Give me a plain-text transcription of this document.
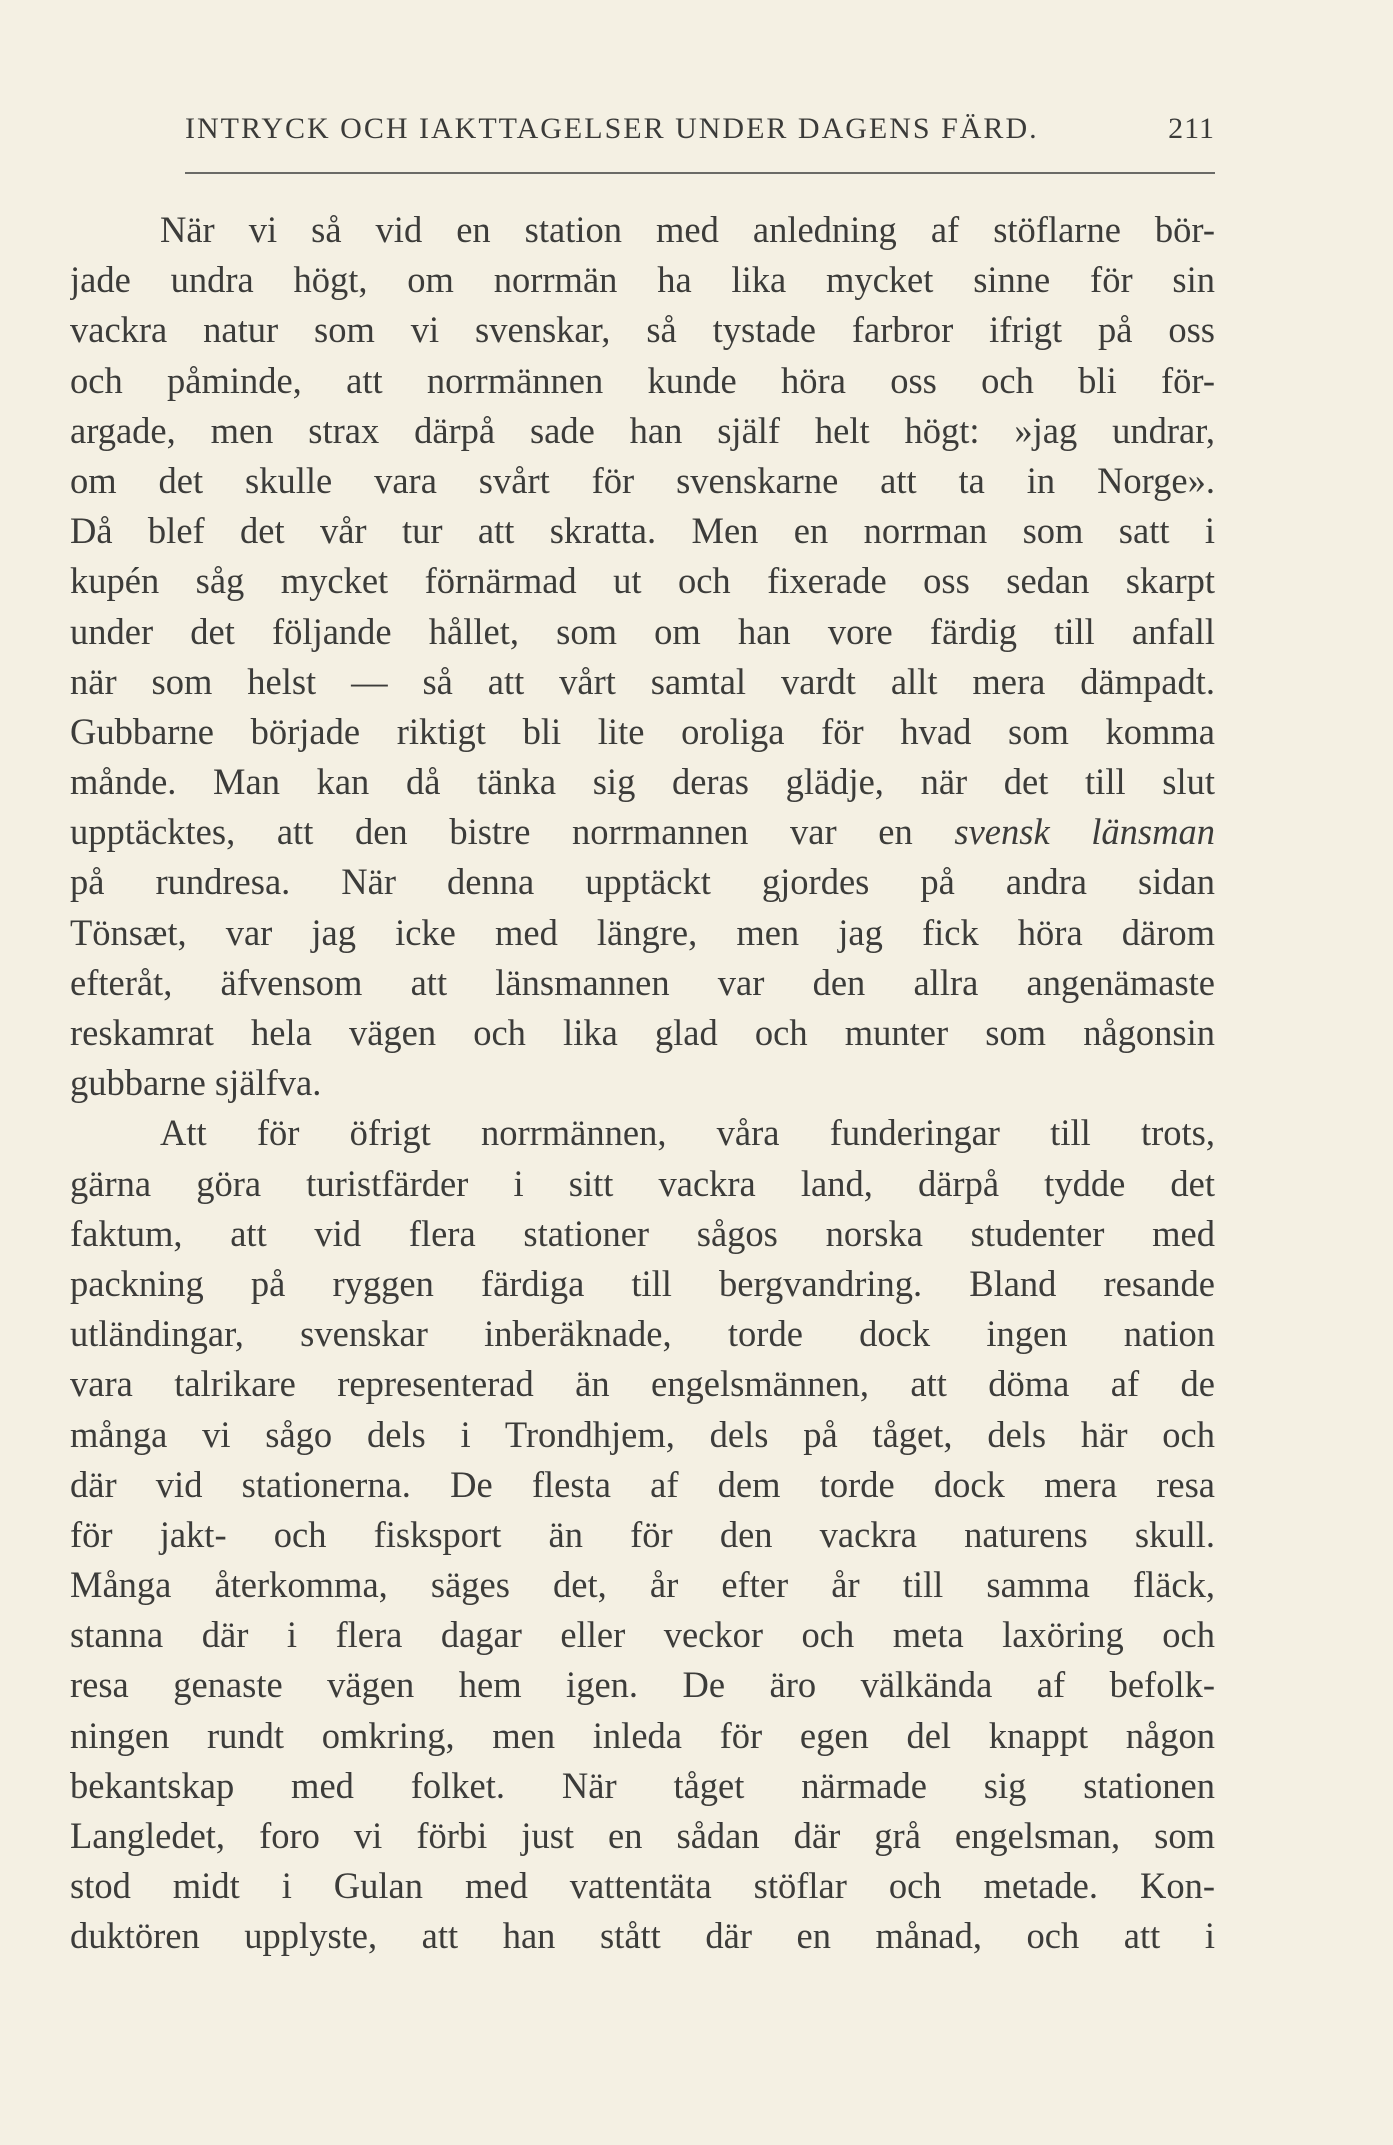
INTRYCK OCH IAKTTAGELSER UNDER DAGENS FÄRD.	211
När vi så vid en station med anledning af stöflarne bör-
jade undra högt, om norrmän ha lika mycket sinne för sin
vackra natur som vi svenskar, så tystade farbror ifrigt på oss
och påminde, att norrmännen kunde höra oss och bli för-
argade, men strax därpå sade han själf helt högt: »jag undrar,
om det skulle vara svårt för svenskarne att ta in Norge».
Då blef det vår tur att skratta. Men en norrman som satt i
kupén såg mycket förnärmad ut och fixerade oss sedan skarpt
under det följande hållet, som om han vore färdig till anfall
när som helst — så att vårt samtal vardt allt mera dämpadt.
Gubbarne började riktigt bli lite oroliga för hvad som komma
månde. Man kan då tänka sig deras glädje, när det till slut
upptäcktes, att den bistre norrmannen var en svensk länsman
på rundresa. När denna upptäckt gjordes på andra sidan
Tönsæt, var jag icke med längre, men jag fick höra därom
efteråt, äfvensom att länsmannen var den allra angenämaste
reskamrat hela vägen och lika glad och munter som någonsin
gubbarne själfva.
Att för öfrigt norrmännen, våra funderingar till trots,
gärna göra turistfärder i sitt vackra land, därpå tydde det
faktum, att vid flera stationer sågos norska studenter med
packning på ryggen färdiga till bergvandring. Bland resande
utländingar, svenskar inberäknade, torde dock ingen nation
vara talrikare representerad än engelsmännen, att döma af de
många vi sågo dels i Trondhjem, dels på tåget, dels här och
där vid stationerna. De flesta af dem torde dock mera resa
för jakt- och fisksport än för den vackra naturens skull.
Många återkomma, säges det, år efter år till samma fläck,
stanna där i flera dagar eller veckor och meta laxöring och
resa genaste vägen hem igen. De äro välkända af befolk-
ningen rundt omkring, men inleda för egen del knappt någon
bekantskap med folket. När tåget närmade sig stationen
Langledet, foro vi förbi just en sådan där grå engelsman, som
stod midt i Gulan med vattentäta stöflar och metade. Kon-
duktören upplyste, att han stått där en månad, och att i
